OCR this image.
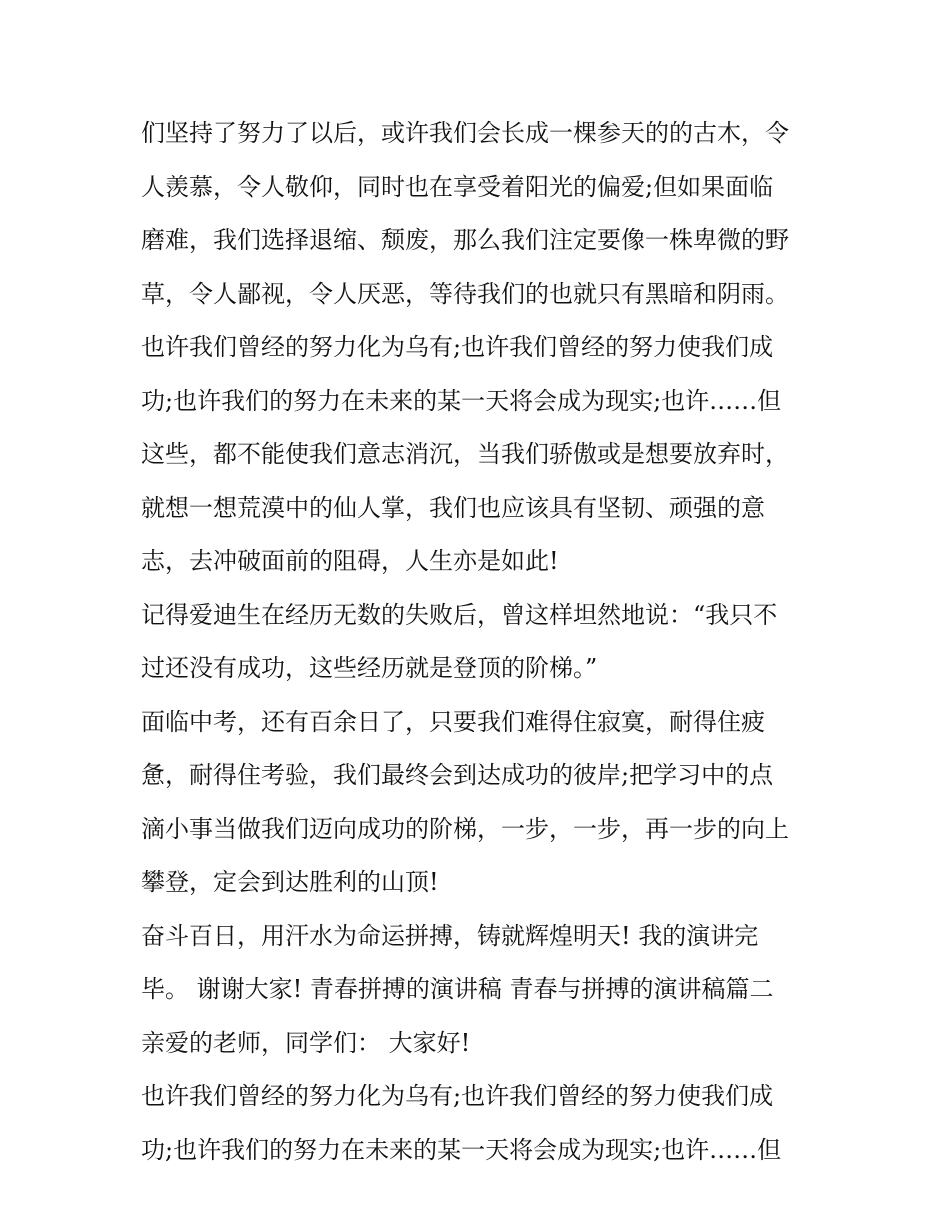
们坚持了努力了以后，或许我们会长成一棵参天的的古木，令
人羡慕，令人敬仰，同时也在享受着阳光的偏爱;但如果面临
磨难，我们选择退缩、颓废，那么我们注定要像一株卑微的野
草，令人鄙视，令人厌恶，等待我们的也就只有黑暗和阴雨。
也许我们曾经的努力化为乌有;也许我们曾经的努力使我们成
功;也许我们的努力在未来的某一天将会成为现实;也许……但
这些，都不能使我们意志消沉，当我们骄傲或是想要放弃时，
就想一想荒漠中的仙人掌，我们也应该具有坚韧、顽强的意
志，去冲破面前的阻碍，人生亦是如此!
记得爱迪生在经历无数的失败后，曾这样坦然地说：“我只不
过还没有成功，这些经历就是登顶的阶梯。”
面临中考，还有百余日了，只要我们难得住寂寞，耐得住疲
惫，耐得住考验，我们最终会到达成功的彼岸;把学习中的点
滴小事当做我们迈向成功的阶梯，一步，一步，再一步的向上
攀登，定会到达胜利的山顶!
奋斗百日，用汗水为命运拼搏，铸就辉煌明天! 我的演讲完
毕。 谢谢大家! 青春拼搏的演讲稿 青春与拼搏的演讲稿篇二
亲爱的老师，同学们： 大家好!
也许我们曾经的努力化为乌有;也许我们曾经的努力使我们成
功;也许我们的努力在未来的某一天将会成为现实;也许……但
